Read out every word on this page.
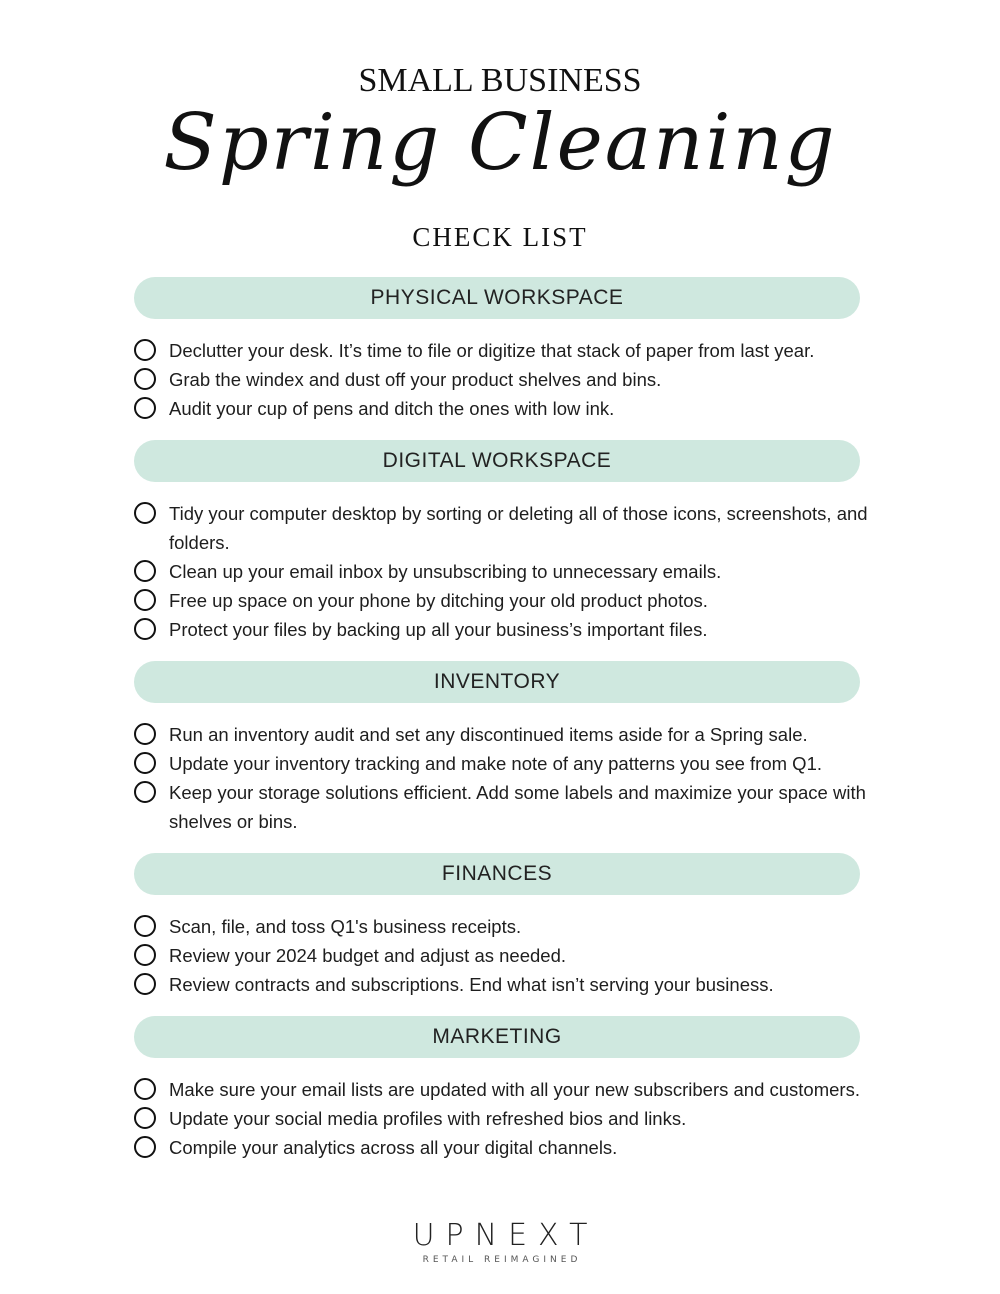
SMALL BUSINESS
Spring Cleaning
CHECK LIST
PHYSICAL WORKSPACE
Declutter your desk. It’s time to file or digitize that stack of paper from last year.
Grab the windex and dust off your product shelves and bins.
Audit your cup of pens and ditch the ones with low ink.
DIGITAL WORKSPACE
Tidy your computer desktop by sorting or deleting all of those icons, screenshots, and folders.
Clean up your email inbox by unsubscribing to unnecessary emails.
Free up space on your phone by ditching your old product photos.
Protect your files by backing up all your business’s important files.
INVENTORY
Run an inventory audit and set any discontinued items aside for a Spring sale.
Update your inventory tracking and make note of any patterns you see from Q1.
Keep your storage solutions efficient. Add some labels and maximize your space with shelves or bins.
FINANCES
Scan, file, and toss Q1's business receipts.
Review your 2024 budget and adjust as needed.
Review contracts and subscriptions. End what isn’t serving your business.
MARKETING
Make sure your email lists are updated with all your new subscribers and customers.
Update your social media profiles with refreshed bios and links.
Compile your analytics across all your digital channels.
UPNEXT
RETAIL REIMAGINED
